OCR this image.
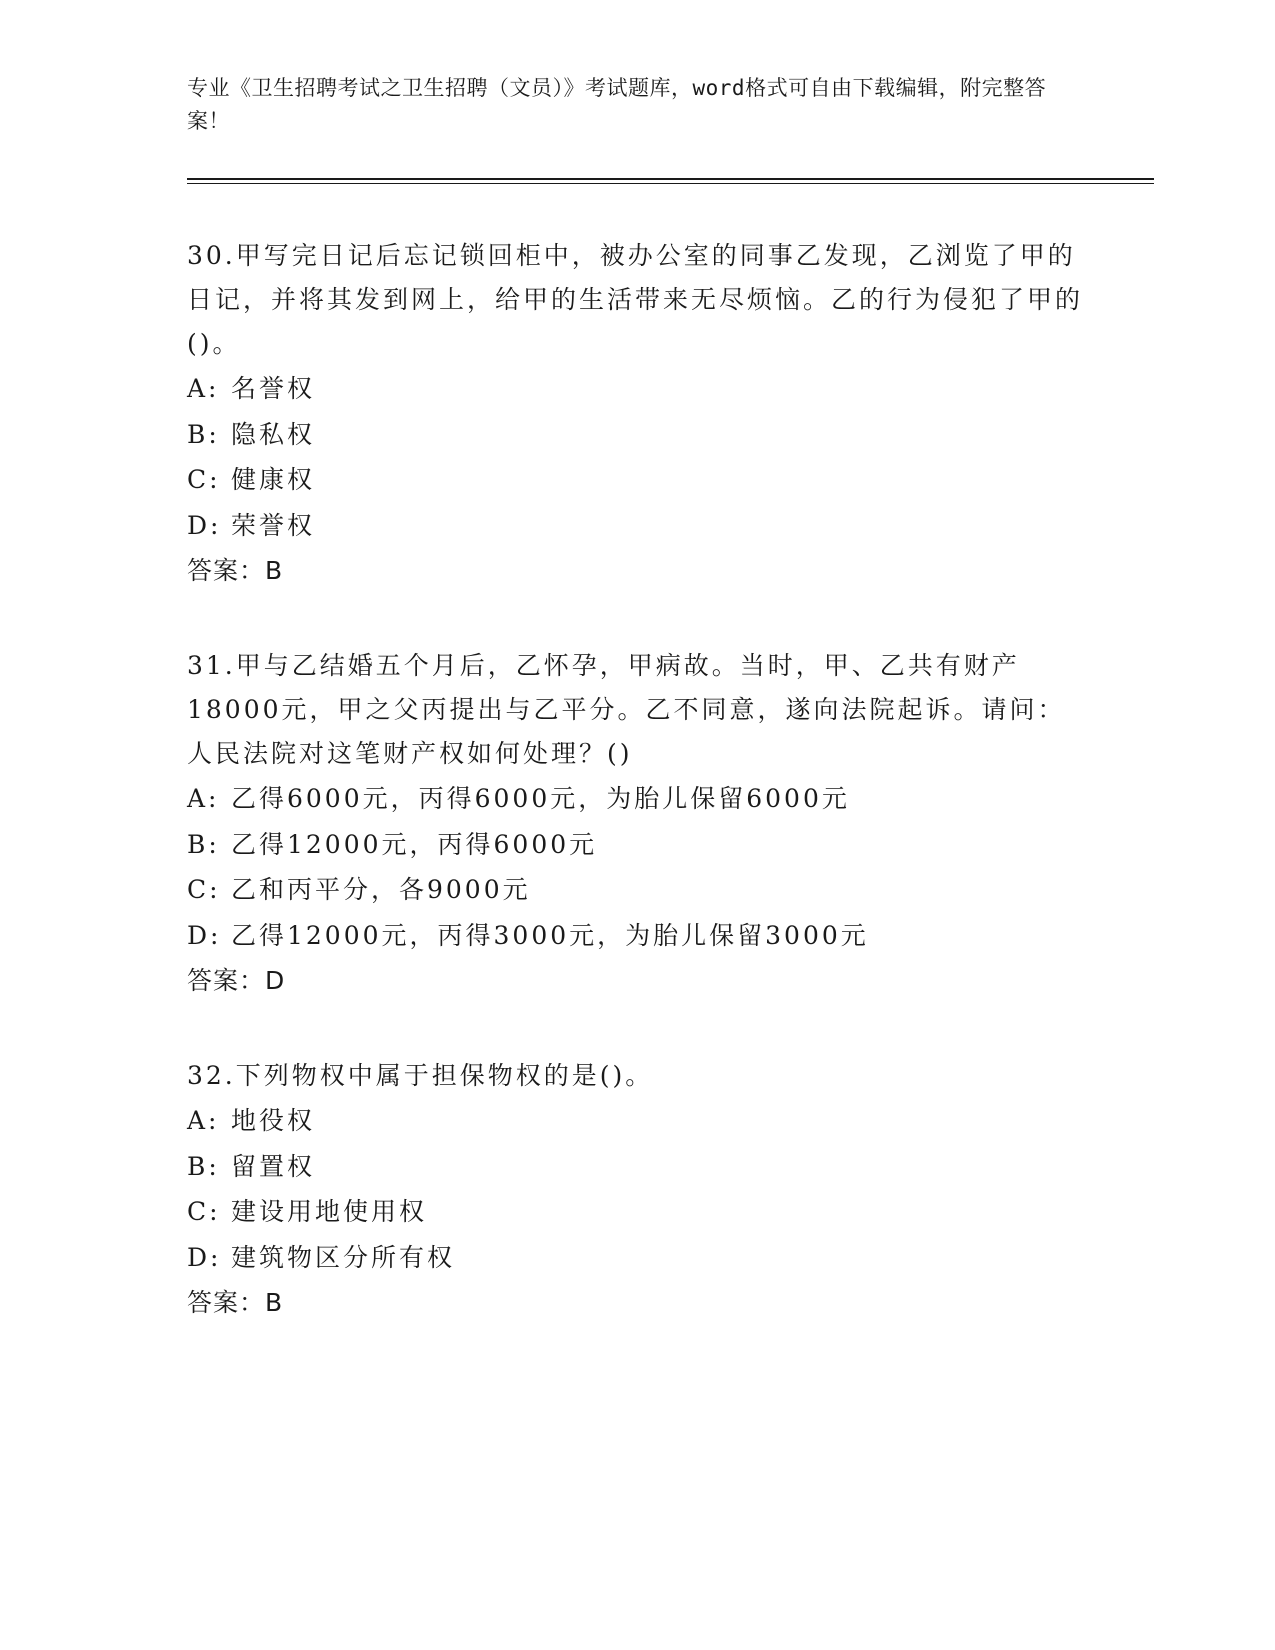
专业《卫生招聘考试之卫生招聘（文员）》考试题库，word格式可自由下载编辑，附完整答案！

30.甲写完日记后忘记锁回柜中，被办公室的同事乙发现，乙浏览了甲的日记，并将其发到网上，给甲的生活带来无尽烦恼。乙的行为侵犯了甲的()。

A: 名誉权

B: 隐私权

C: 健康权

D: 荣誉权

答案：B

31.甲与乙结婚五个月后，乙怀孕，甲病故。当时，甲、乙共有财产18000元，甲之父丙提出与乙平分。乙不同意，遂向法院起诉。请问：人民法院对这笔财产权如何处理？()

A: 乙得6000元，丙得6000元，为胎儿保留6000元

B: 乙得12000元，丙得6000元

C: 乙和丙平分，各9000元

D: 乙得12000元，丙得3000元，为胎儿保留3000元

答案：D

32.下列物权中属于担保物权的是()。

A: 地役权

B: 留置权

C: 建设用地使用权

D: 建筑物区分所有权

答案：B
